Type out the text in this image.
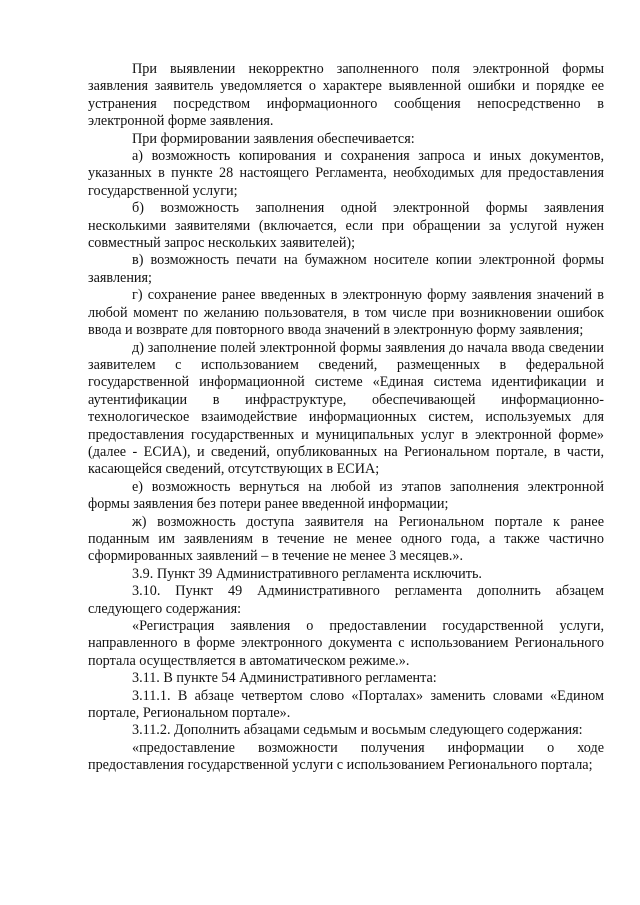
При выявлении некорректно заполненного поля электронной формы заявления заявитель уведомляется о характере выявленной ошибки и порядке ее устранения посредством информационного сообщения непосредственно в электронной форме заявления.

При формировании заявления обеспечивается:

а) возможность копирования и сохранения запроса и иных документов, указанных в пункте 28 настоящего Регламента, необходимых для предоставления государственной услуги;

б) возможность заполнения одной электронной формы заявления несколькими заявителями (включается, если при обращении за услугой нужен совместный запрос нескольких заявителей);

в) возможность печати на бумажном носителе копии электронной формы заявления;

г) сохранение ранее введенных в электронную форму заявления значений в любой момент по желанию пользователя, в том числе при возникновении ошибок ввода и возврате для повторного ввода значений в электронную форму заявления;

д) заполнение полей электронной формы заявления до начала ввода сведении заявителем с использованием сведений, размещенных в федеральной государственной информационной системе «Единая система идентификации и аутентификации в инфраструктуре, обеспечивающей информационно-технологическое взаимодействие информационных систем, используемых для предоставления государственных и муниципальных услуг в электронной форме» (далее - ЕСИА), и сведений, опубликованных на Региональном портале, в части, касающейся сведений, отсутствующих в ЕСИА;

е) возможность вернуться на любой из этапов заполнения электронной формы заявления без потери ранее введенной информации;

ж) возможность доступа заявителя на Региональном портале к ранее поданным им заявлениям в течение не менее одного года, а также частично сформированных заявлений – в течение не менее 3 месяцев.».

3.9. Пункт 39 Административного регламента исключить.

3.10. Пункт 49 Административного регламента дополнить абзацем следующего содержания:

«Регистрация заявления о предоставлении государственной услуги, направленного в форме электронного документа с использованием Регионального портала осуществляется в автоматическом режиме.».

3.11. В пункте 54 Административного регламента:

3.11.1. В абзаце четвертом слово «Порталах» заменить словами «Едином портале, Региональном портале».

3.11.2. Дополнить абзацами седьмым и восьмым следующего содержания:

«предоставление возможности получения информации о ходе предоставления государственной услуги с использованием Регионального портала;
